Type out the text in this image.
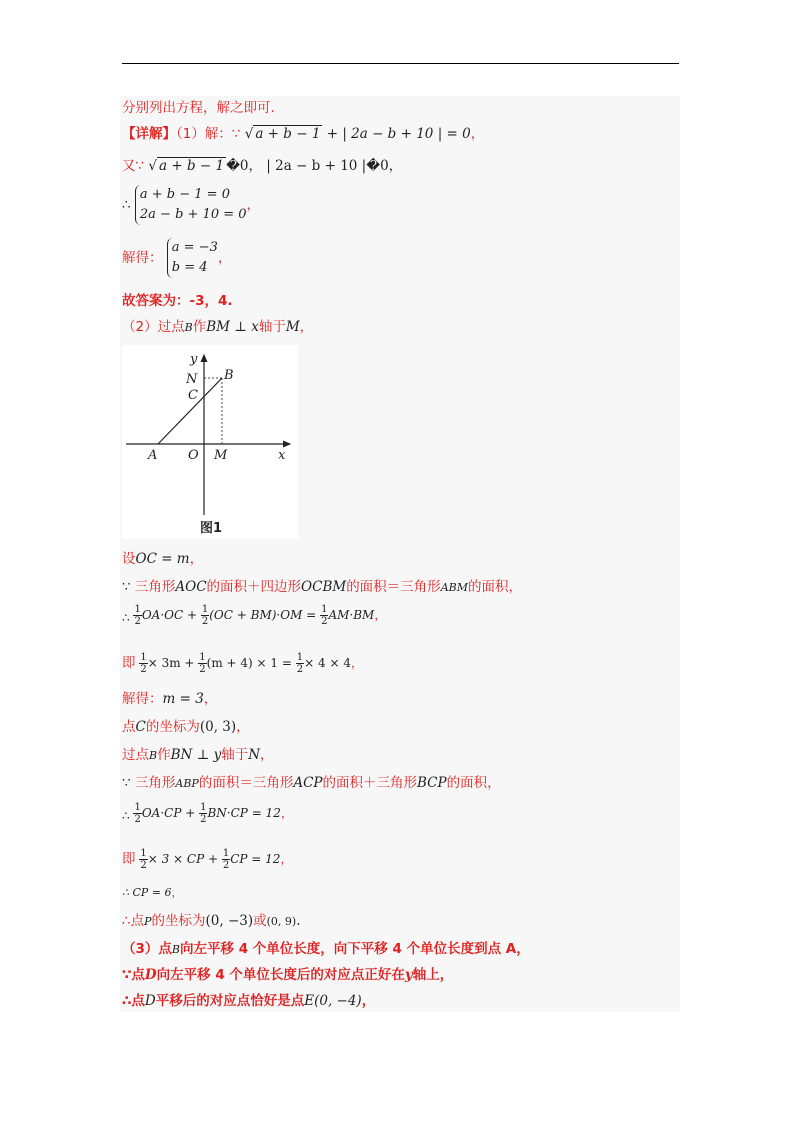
分别列出方程，解之即可.
【详解】（1）解：∵ √ a + b − 1 + | 2a − b + 10 | = 0，
又∵ √ a + b − 1 �0， | 2a − b + 10 |�0，
∴
a + b − 1 = 0
2a − b + 10 = 0
，
解得：
a = −3
b = 4
，
故答案为：-3，4.
（2）过点B作BM ⊥ x轴于M，
y
N B
C
A O M	x
图1
设OC = m，
∵ 三角形AOC的面积＋四边形OCBM的面积＝三角形ABM的面积，
∴ $\frac{1}{2} OA\cdot OC + \frac{1}{2} (OC + BM)\cdot OM = \frac{1}{2} AM\cdot BM$，
即 $\frac{1}{2} \times 3m + \frac{1}{2} (m + 4) \times 1 = \frac{1}{2} \times 4 \times 4$，
解得：m = 3，
点C的坐标为(0, 3)，
过点B作BN ⊥ y轴于N，
∵ 三角形ABP的面积＝三角形ACP的面积＋三角形BCP的面积，
∴ $\frac{1}{2} OA\cdot CP + \frac{1}{2} BN\cdot CP = 12$，
即 $\frac{1}{2} \times 3$ × CP + $\frac{1}{2}$ CP = 12，
∴ CP = 6，
∴点P的坐标为(0, −3)或(0, 9).
（3）点B向左平移 4 个单位长度，向下平移 4 个单位长度到点 A，
∵点D向左平移 4 个单位长度后的对应点正好在y轴上，
∴点D平移后的对应点恰好是点E(0, −4)，
